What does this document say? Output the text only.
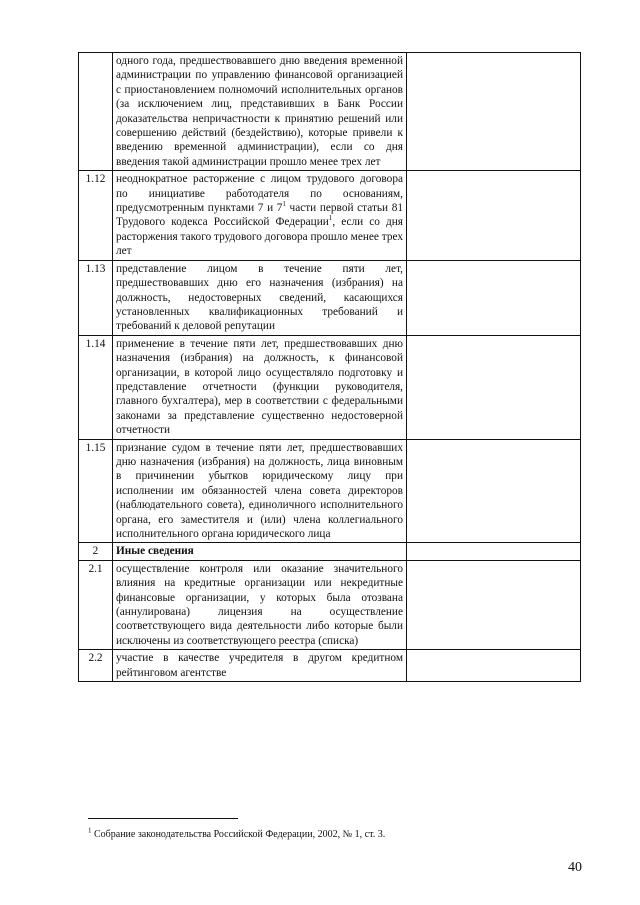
	одного года, предшествовавшего дню введения временной администрации по управлению финансовой организацией с приостановлением полномочий исполнительных органов (за исключением лиц, представивших в Банк России доказательства непричастности к принятию решений или совершению действий (бездействию), которые привели к введению временной администрации), если со дня введения такой администрации прошло менее трех лет	
1.12	неоднократное расторжение с лицом трудового договора по инициативе работодателя по основаниям, предусмотренным пунктами 7 и $7^1$ части первой статьи 81 Трудового кодекса Российской Федерации$^1$, если со дня расторжения такого трудового договора прошло менее трех лет	
1.13	представление лицом в течение пяти лет, предшествовавших дню его назначения (избрания) на должность, недостоверных сведений, касающихся установленных квалификационных требований и требований к деловой репутации	
1.14	применение в течение пяти лет, предшествовавших дню назначения (избрания) на должность, к финансовой организации, в которой лицо осуществляло подготовку и представление отчетности (функции руководителя, главного бухгалтера), мер в соответствии с федеральными законами за представление существенно недостоверной отчетности	
1.15	признание судом в течение пяти лет, предшествовавших дню назначения (избрания) на должность, лица виновным в причинении убытков юридическому лицу при исполнении им обязанностей члена совета директоров (наблюдательного совета), единоличного исполнительного органа, его заместителя и (или) члена коллегиального исполнительного органа юридического лица	
2	Иные сведения	
2.1	осуществление контроля или оказание значительного влияния на кредитные организации или некредитные финансовые организации, у которых была отозвана (аннулирована) лицензия на осуществление соответствующего вида деятельности либо которые были исключены из соответствующего реестра (списка)	
2.2	участие в качестве учредителя в другом кредитном рейтинговом агентстве	
$^1$ Собрание законодательства Российской Федерации, 2002, № 1, ст. 3.
40
